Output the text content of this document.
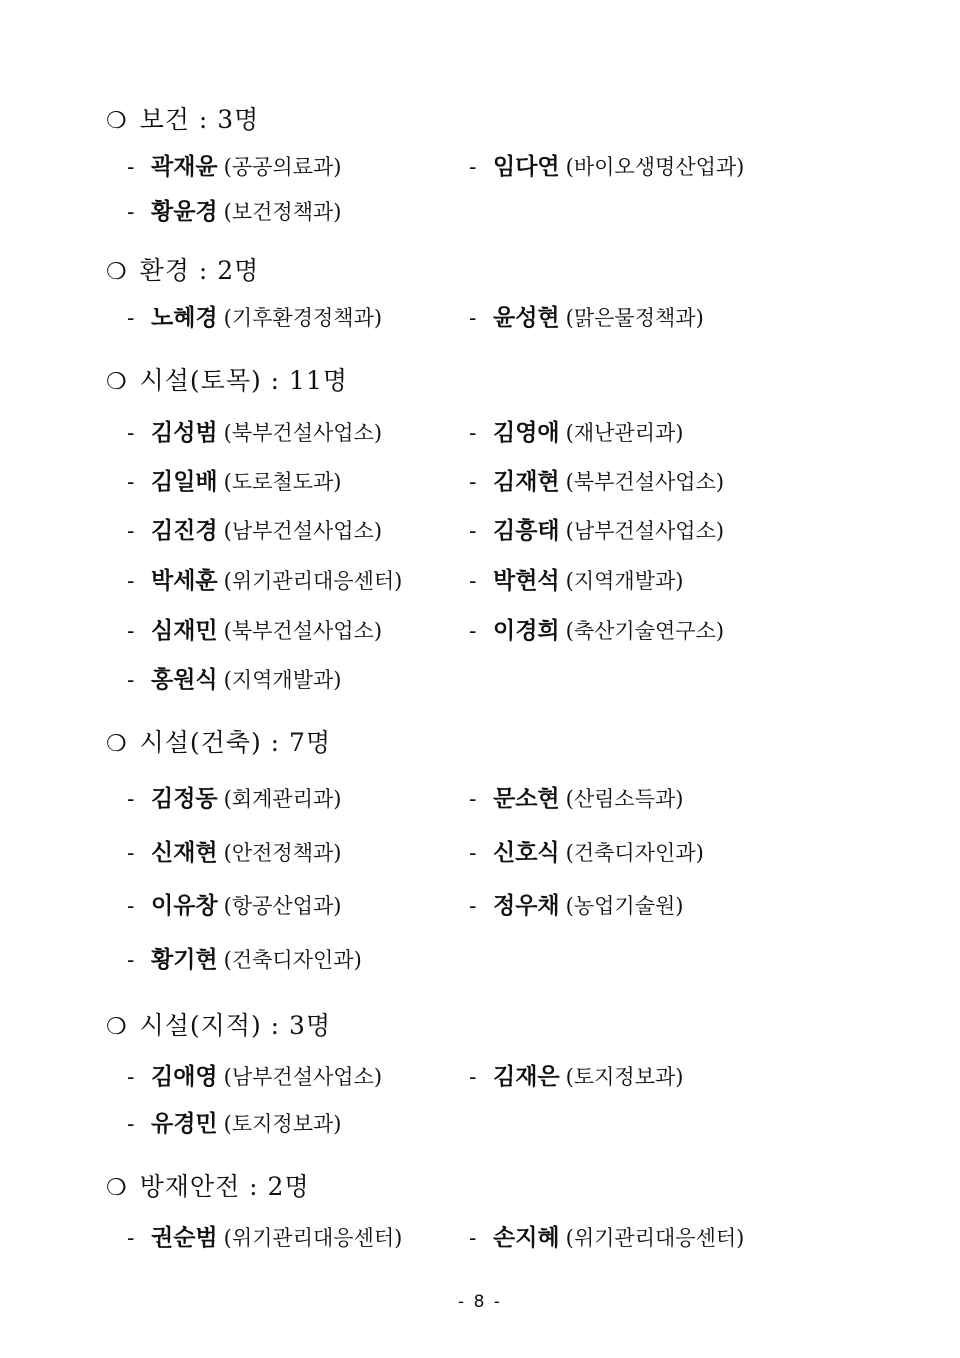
❍ 보건 : 3명
- 곽재윤 (공공의료과)	- 임다연 (바이오생명산업과)
- 황윤경 (보건정책과)
❍ 환경 : 2명
- 노혜경 (기후환경정책과)	- 윤성현 (맑은물정책과)
❍ 시설(토목) : 11명
- 김성범 (북부건설사업소)	- 김영애 (재난관리과)
- 김일배 (도로철도과)	- 김재현 (북부건설사업소)
- 김진경 (남부건설사업소)	- 김흥태 (남부건설사업소)
- 박세훈 (위기관리대응센터)	- 박현석 (지역개발과)
- 심재민 (북부건설사업소)	- 이경희 (축산기술연구소)
- 홍원식 (지역개발과)
❍ 시설(건축) : 7명
- 김정동 (회계관리과)	- 문소현 (산림소득과)
- 신재현 (안전정책과)	- 신호식 (건축디자인과)
- 이유창 (항공산업과)	- 정우채 (농업기술원)
- 황기현 (건축디자인과)
❍ 시설(지적) : 3명
- 김애영 (남부건설사업소)	- 김재은 (토지정보과)
- 유경민 (토지정보과)
❍ 방재안전 : 2명
- 권순범 (위기관리대응센터)	- 손지혜 (위기관리대응센터)
- 8 -
